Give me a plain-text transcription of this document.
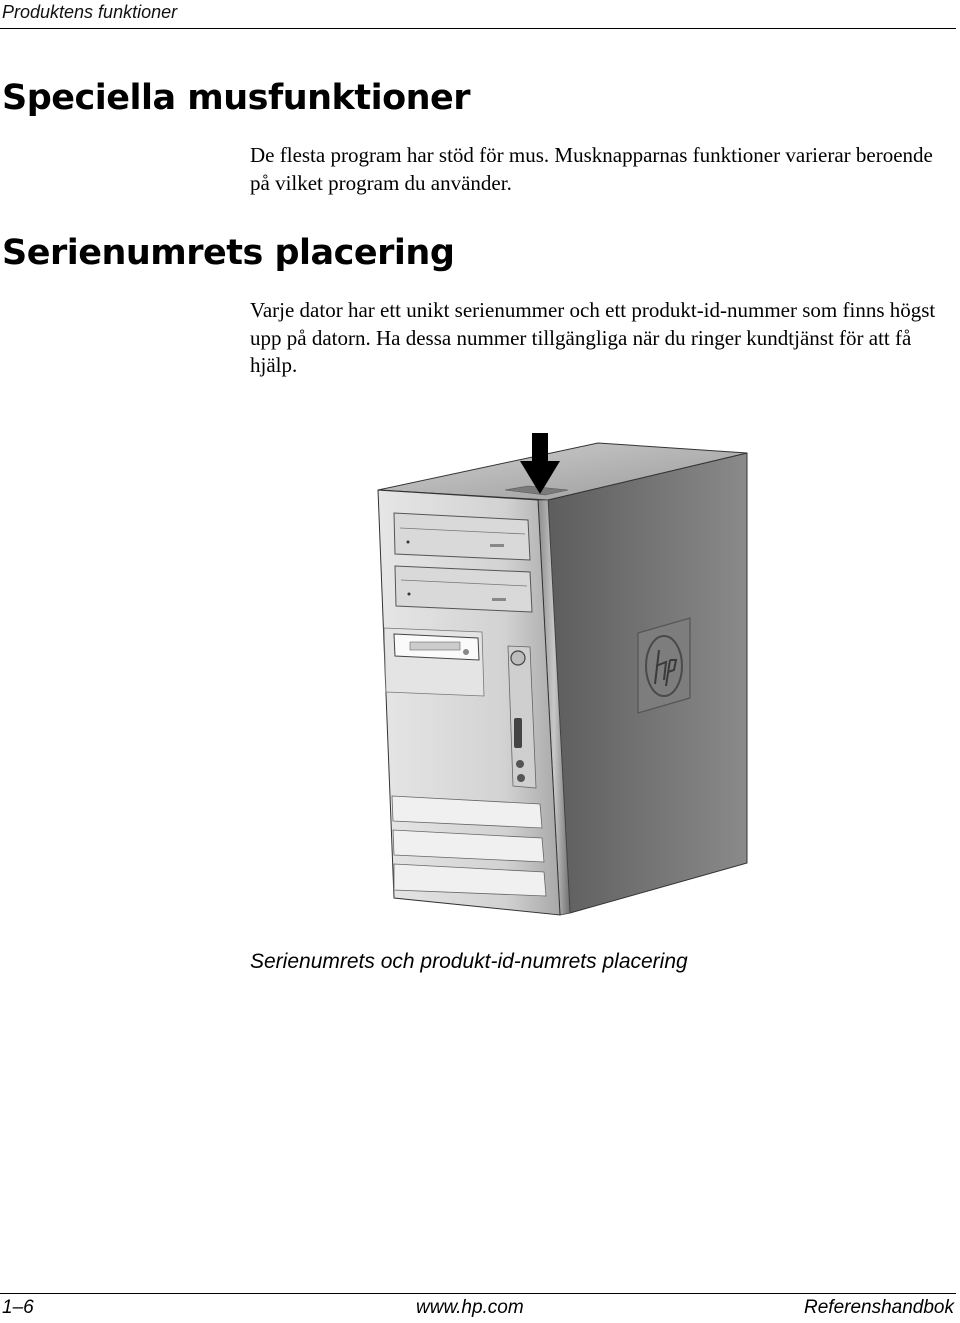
Produktens funktioner
Speciella musfunktioner

De flesta program har stöd för mus. Musknapparnas funktioner varierar beroende på vilket program du använder.

Serienumrets placering

Varje dator har ett unikt serienummer och ett produkt-id-nummer som finns högst upp på datorn. Ha dessa nummer tillgängliga när du ringer kundtjänst för att få hjälp.

Serienumrets och produkt-id-numrets placering
1–6	www.hp.com	Referenshandbok
